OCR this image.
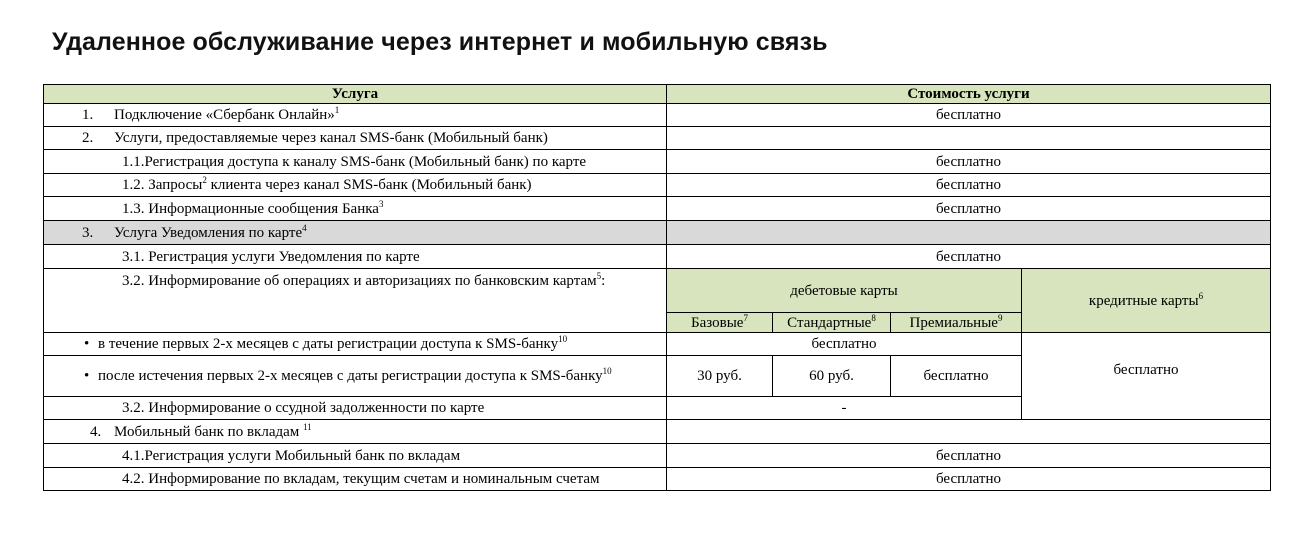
Удаленное обслуживание через интернет и мобильную связь
Услуга	Стоимость услуги			
1. Подключение «Сбербанк Онлайн»$^1$	бесплатно			
2. Услуги, предоставляемые через канал SMS-банк (Мобильный банк)				
1.1.Регистрация доступа к каналу SMS-банк (Мобильный банк) по карте	бесплатно			
1.2. Запросы$^2$ клиента через канал SMS-банк (Мобильный банк)	бесплатно			
1.3. Информационные сообщения Банка$^3$	бесплатно			
3. Услуга Уведомления по карте$^4$	
3.1. Регистрация услуги Уведомления по карте	бесплатно			
3.2. Информирование об операциях и авторизациях по банковским картам$^5$:	дебетовые карты			кредитные карты$^6$
	Базовые$^7$	Стандартные$^8$	Премиальные$^9$
• в течение первых 2-х месяцев с даты регистрации доступа к SMS-банку$^{10}$	бесплатно			бесплатно
• после истечения первых 2-х месяцев с даты регистрации доступа к SMS-банку$^{10}$	30 руб.	60 руб.	бесплатно	
3.2. Информирование о ссудной задолженности по карте	-			
4. Мобильный банк по вкладам $^{11}$	
4.1.Регистрация услуги Мобильный банк по вкладам	бесплатно			
4.2. Информирование по вкладам, текущим счетам и номинальным счетам	бесплатно			
